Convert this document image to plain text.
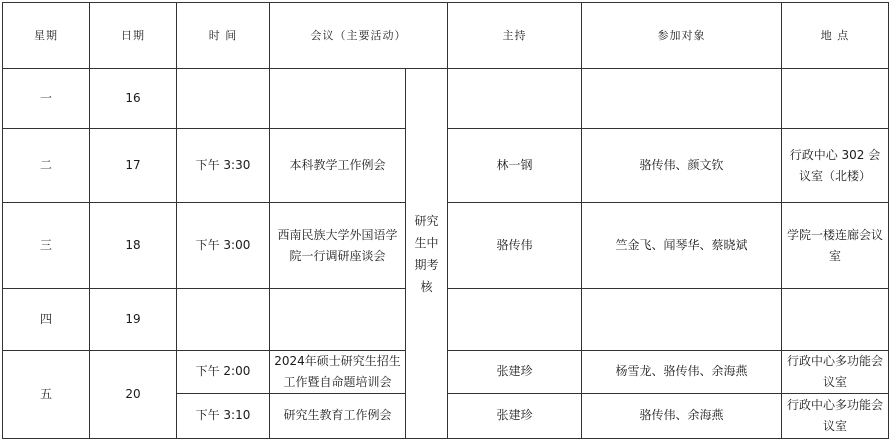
星期	日期	时 间	会议（主要活动）		主持	参加对象	地 点
一	16			研究生中期考核			
二	17	下午 3:30	本科教学工作例会		林一钢	骆传伟、颜文钦	行政中心 302 会议室（北楼）
三	18	下午 3:00	西南民族大学外国语学院一行调研座谈会		骆传伟	竺金飞、闻琴华、蔡晓斌	学院一楼连廊会议室
四	19						
五	20	下午 2:00	2024年硕士研究生招生工作暨自命题培训会		张建珍	杨雪龙、骆传伟、余海燕	行政中心多功能会议室
		下午 3:10	研究生教育工作例会		张建珍	骆传伟、余海燕	行政中心多功能会议室
